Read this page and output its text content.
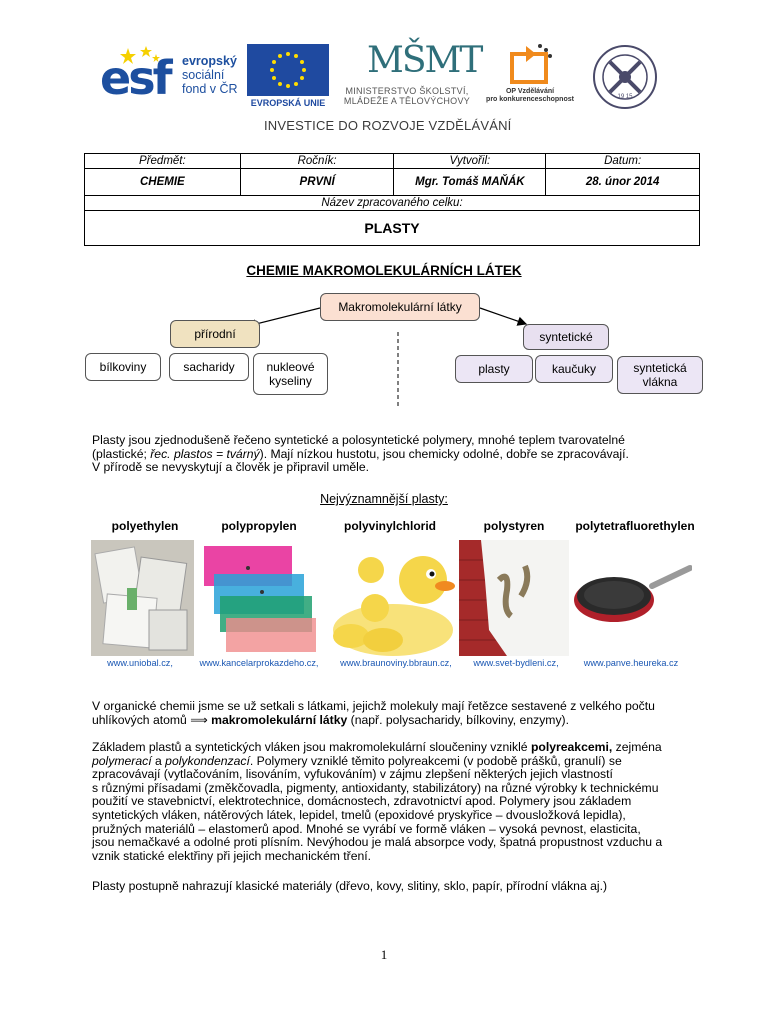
esf evropský
sociální
fond v ČR
EVROPSKÁ UNIE
MŠMT
MINISTERSTVO ŠKOLSTVÍ,
MLÁDEŽE A TĚLOVÝCHOVY
OP Vzdělávání
pro konkurenceschopnost	19 15
INVESTICE DO ROZVOJE VZDĚLÁVÁNÍ
Předmět:	Ročník:	Vytvořil:	Datum:
CHEMIE	PRVNÍ	Mgr. Tomáš MAŇÁK	28. únor 2014
Název zpracovaného celku:			
PLASTY			
CHEMIE MAKROMOLEKULÁRNÍCH LÁTEK
Makromolekulární látky
přírodní	syntetické
bílkoviny	sacharidy	nukleové kyseliny
plasty	kaučuky	syntetická vlákna
Plasty jsou zjednodušeně řečeno syntetické a polosyntetické polymery, mnohé teplem tvarovatelné
(plastické; řec. plastos = tvárný). Mají nízkou hustotu, jsou chemicky odolné, dobře se zpracovávají.
V přírodě se nevyskytují a člověk je připravil uměle.
Nejvýznamnější plasty:
polyethylen	polypropylen	polyvinylchlorid	polystyren	polytetrafluorethylen
www.uniobal.cz,	www.kancelarprokazdeho.cz,	www.braunoviny.bbraun.cz,	www.svet-bydleni.cz,	www.panve.heureka.cz
V organické chemii jsme se už setkali s látkami, jejichž molekuly mají řetězce sestavené z velkého počtu
uhlíkových atomů ⟹ makromolekulární látky (např. polysacharidy, bílkoviny, enzymy).
Základem plastů a syntetických vláken jsou makromolekulární sloučeniny vzniklé polyreakcemi, zejména
polymerací a polykondenzací. Polymery vzniklé těmito polyreakcemi (v podobě prášků, granulí) se
zpracovávají (vytlačováním, lisováním, vyfukováním) v zájmu zlepšení některých jejich vlastností
s různými přísadami (změkčovadla, pigmenty, antioxidanty, stabilizátory) na různé výrobky k technickému
použití ve stavebnictví, elektrotechnice, domácnostech, zdravotnictví apod. Polymery jsou základem
syntetických vláken, nátěrových látek, lepidel, tmelů (epoxidové pryskyřice – dvousložková lepidla),
pružných materiálů – elastomerů apod. Mnohé se vyrábí ve formě vláken – vysoká pevnost, elasticita,
jsou nemačkavé a odolné proti plísním. Nevýhodou je malá absorpce vody, špatná propustnost vzduchu a
vznik statické elektřiny při jejich mechanickém tření.
Plasty postupně nahrazují klasické materiály (dřevo, kovy, slitiny, sklo, papír, přírodní vlákna aj.)
1
